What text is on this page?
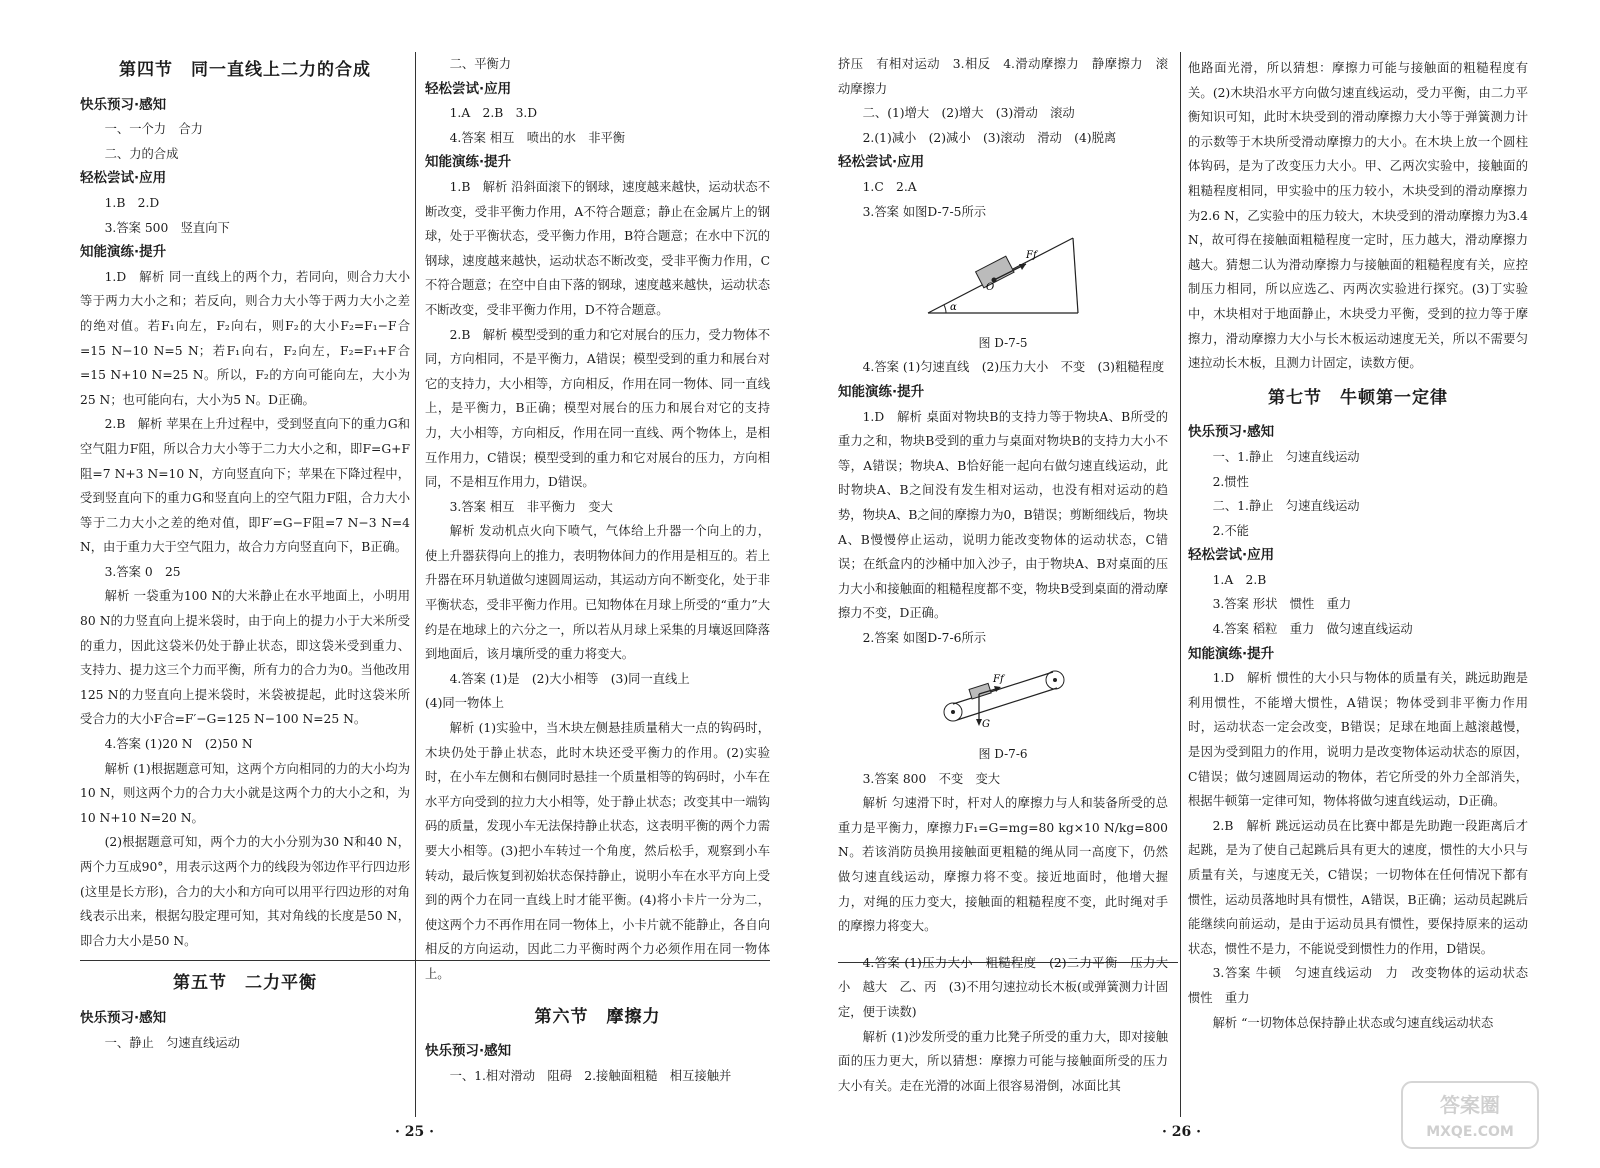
第四节　同一直线上二力的合成

快乐预习·感知

一、一个力　合力

二、力的合成

轻松尝试·应用

1.B　2.D

3.答案 500　竖直向下

知能演练·提升

1.D　解析 同一直线上的两个力，若同向，则合力大小等于两力大小之和；若反向，则合力大小等于两力大小之差的绝对值。若F₁向左，F₂向右，则F₂的大小F₂=F₁−F合=15 N−10 N=5 N；若F₁向右，F₂向左，F₂=F₁+F合=15 N+10 N=25 N。所以，F₂的方向可能向左，大小为25 N；也可能向右，大小为5 N。D正确。

2.B　解析 苹果在上升过程中，受到竖直向下的重力G和空气阻力F阻，所以合力大小等于二力大小之和，即F=G+F阻=7 N+3 N=10 N，方向竖直向下；苹果在下降过程中，受到竖直向下的重力G和竖直向上的空气阻力F阻，合力大小等于二力大小之差的绝对值，即F′=G−F阻=7 N−3 N=4 N，由于重力大于空气阻力，故合力方向竖直向下，B正确。

3.答案 0　25

解析 一袋重为100 N的大米静止在水平地面上，小明用80 N的力竖直向上提米袋时，由于向上的提力小于大米所受的重力，因此这袋米仍处于静止状态，即这袋米受到重力、支持力、提力这三个力而平衡，所有力的合力为0。当他改用125 N的力竖直向上提米袋时，米袋被提起，此时这袋米所受合力的大小F合=F′−G=125 N−100 N=25 N。

4.答案 (1)20 N　(2)50 N

解析 (1)根据题意可知，这两个方向相同的力的大小均为10 N，则这两个力的合力大小就是这两个力的大小之和，为10 N+10 N=20 N。

(2)根据题意可知，两个力的大小分别为30 N和40 N，两个力互成90°，用表示这两个力的线段为邻边作平行四边形(这里是长方形)，合力的大小和方向可以用平行四边形的对角线表示出来，根据勾股定理可知，其对角线的长度是50 N，即合力大小是50 N。

第五节　二力平衡

快乐预习·感知

一、静止　匀速直线运动

二、平衡力

轻松尝试·应用

1.A　2.B　3.D

4.答案 相互　喷出的水　非平衡

知能演练·提升

1.B　解析 沿斜面滚下的钢球，速度越来越快，运动状态不断改变，受非平衡力作用，A不符合题意；静止在金属片上的钢球，处于平衡状态，受平衡力作用，B符合题意；在水中下沉的钢球，速度越来越快，运动状态不断改变，受非平衡力作用，C不符合题意；在空中自由下落的钢球，速度越来越快，运动状态不断改变，受非平衡力作用，D不符合题意。

2.B　解析 模型受到的重力和它对展台的压力，受力物体不同，方向相同，不是平衡力，A错误；模型受到的重力和展台对它的支持力，大小相等，方向相反，作用在同一物体、同一直线上，是平衡力，B正确；模型对展台的压力和展台对它的支持力，大小相等，方向相反，作用在同一直线、两个物体上，是相互作用力，C错误；模型受到的重力和它对展台的压力，方向相同，不是相互作用力，D错误。

3.答案 相互　非平衡力　变大

解析 发动机点火向下喷气，气体给上升器一个向上的力，使上升器获得向上的推力，表明物体间力的作用是相互的。若上升器在环月轨道做匀速圆周运动，其运动方向不断变化，处于非平衡状态，受非平衡力作用。已知物体在月球上所受的“重力”大约是在地球上的六分之一，所以若从月球上采集的月壤返回降落到地面后，该月壤所受的重力将变大。

4.答案 (1)是　(2)大小相等　(3)同一直线上

(4)同一物体上

解析 (1)实验中，当木块左侧悬挂质量稍大一点的钩码时，木块仍处于静止状态，此时木块还受平衡力的作用。(2)实验时，在小车左侧和右侧同时悬挂一个质量相等的钩码时，小车在水平方向受到的拉力大小相等，处于静止状态；改变其中一端钩码的质量，发现小车无法保持静止状态，这表明平衡的两个力需要大小相等。(3)把小车转过一个角度，然后松手，观察到小车转动，最后恢复到初始状态保持静止，说明小车在水平方向上受到的两个力在同一直线上时才能平衡。(4)将小卡片一分为二，使这两个力不再作用在同一物体上，小卡片就不能静止，各自向相反的方向运动，因此二力平衡时两个力必须作用在同一物体上。

第六节　摩擦力

快乐预习·感知

一、1.相对滑动　阻碍　2.接触面粗糙　相互接触并

挤压　有相对运动　3.相反　4.滑动摩擦力　静摩擦力　滚动摩擦力

二、(1)增大　(2)增大　(3)滑动　滚动

2.(1)减小　(2)减小　(3)滚动　滑动　(4)脱离

轻松尝试·应用

1.C　2.A

3.答案 如图D-7-5所示

Ff
O
α
图 D-7-5

4.答案 (1)匀速直线　(2)压力大小　不变　(3)粗糙程度

知能演练·提升

1.D　解析 桌面对物块B的支持力等于物块A、B所受的重力之和，物块B受到的重力与桌面对物块B的支持力大小不等，A错误；物块A、B恰好能一起向右做匀速直线运动，此时物块A、B之间没有发生相对运动，也没有相对运动的趋势，物块A、B之间的摩擦力为0，B错误；剪断细线后，物块A、B慢慢停止运动，说明力能改变物体的运动状态，C错误；在纸盒内的沙桶中加入沙子，由于物块A、B对桌面的压力大小和接触面的粗糙程度都不变，物块B受到桌面的滑动摩擦力不变，D正确。

2.答案 如图D-7-6所示

Ff
G
图 D-7-6

3.答案 800　不变　变大

解析 匀速滑下时，杆对人的摩擦力与人和装备所受的总重力是平衡力，摩擦力F₁=G=mg=80 kg×10 N/kg=800 N。若该消防员换用接触面更粗糙的绳从同一高度下，仍然做匀速直线运动，摩擦力将不变。接近地面时，他增大握力，对绳的压力变大，接触面的粗糙程度不变，此时绳对手的摩擦力将变大。

4.答案 (1)压力大小　粗糙程度　(2)二力平衡　压力大小　越大　乙、丙　(3)不用匀速拉动长木板(或弹簧测力计固定，便于读数)

解析 (1)沙发所受的重力比凳子所受的重力大，即对接触面的压力更大，所以猜想：摩擦力可能与接触面所受的压力大小有关。走在光滑的冰面上很容易滑倒，冰面比其

他路面光滑，所以猜想：摩擦力可能与接触面的粗糙程度有关。(2)木块沿水平方向做匀速直线运动，受力平衡，由二力平衡知识可知，此时木块受到的滑动摩擦力大小等于弹簧测力计的示数等于木块所受滑动摩擦力的大小。在木块上放一个圆柱体钩码，是为了改变压力大小。甲、乙两次实验中，接触面的粗糙程度相同，甲实验中的压力较小，木块受到的滑动摩擦力为2.6 N，乙实验中的压力较大，木块受到的滑动摩擦力为3.4 N，故可得在接触面粗糙程度一定时，压力越大，滑动摩擦力越大。猜想二认为滑动摩擦力与接触面的粗糙程度有关，应控制压力相同，所以应选乙、丙两次实验进行探究。(3)丁实验中，木块相对于地面静止，木块受力平衡，受到的拉力等于摩擦力，滑动摩擦力大小与长木板运动速度无关，所以不需要匀速拉动长木板，且测力计固定，读数方便。

第七节　牛顿第一定律

快乐预习·感知

一、1.静止　匀速直线运动

2.惯性

二、1.静止　匀速直线运动

2.不能

轻松尝试·应用

1.A　2.B

3.答案 形状　惯性　重力

4.答案 稻粒　重力　做匀速直线运动

知能演练·提升

1.D　解析 惯性的大小只与物体的质量有关，跳远助跑是利用惯性，不能增大惯性，A错误；物体受到非平衡力作用时，运动状态一定会改变，B错误；足球在地面上越滚越慢，是因为受到阻力的作用，说明力是改变物体运动状态的原因，C错误；做匀速圆周运动的物体，若它所受的外力全部消失，根据牛顿第一定律可知，物体将做匀速直线运动，D正确。

2.B　解析 跳远运动员在比赛中都是先助跑一段距离后才起跳，是为了使自己起跳后具有更大的速度，惯性的大小只与质量有关，与速度无关，C错误；一切物体在任何情况下都有惯性，运动员落地时具有惯性，A错误，B正确；运动员起跳后能继续向前运动，是由于运动员具有惯性，要保持原来的运动状态，惯性不是力，不能说受到惯性力的作用，D错误。

3.答案 牛顿　匀速直线运动　力　改变物体的运动状态　惯性　重力

解析 “一切物体总保持静止状态或匀速直线运动状态

· 25 ·	· 26 ·
答案圈
MXQE.COM
